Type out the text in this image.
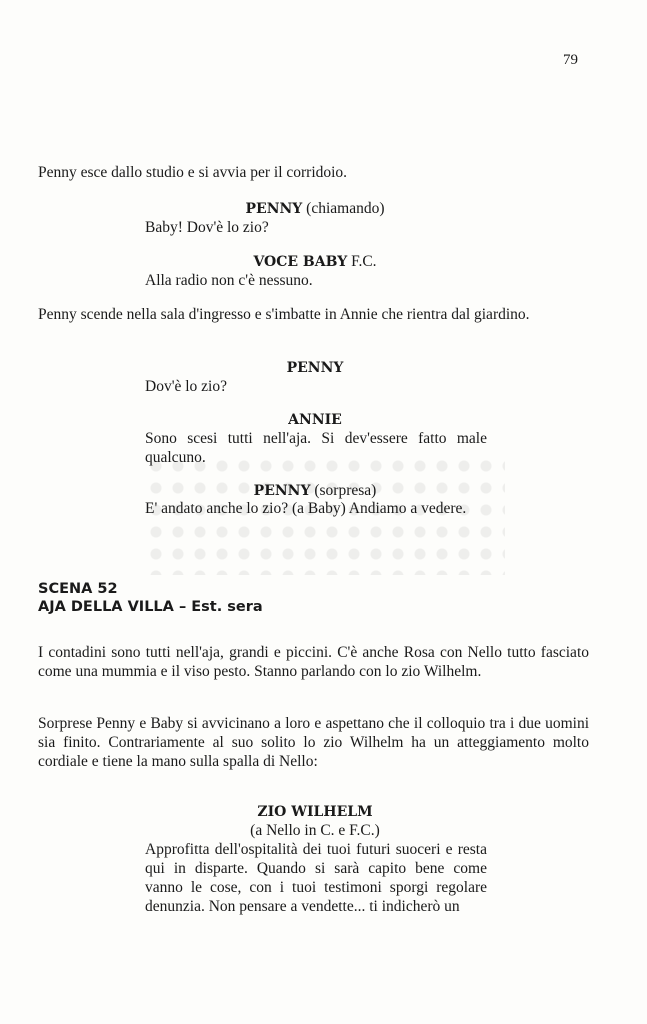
79
Penny esce dallo studio e si avvia per il corridoio.
PENNY (chiamando)
Baby! Dov'è lo zio?
VOCE BABY F.C.
Alla radio non c'è nessuno.
Penny scende nella sala d'ingresso e s'imbatte in Annie che rientra dal giardino.
PENNY
Dov'è lo zio?
ANNIE
Sono scesi tutti nell'aja. Si dev'essere fatto male qualcuno.
PENNY (sorpresa)
E' andato anche lo zio? (a Baby) Andiamo a vedere.
SCENA 52
AJA DELLA VILLA – Est. sera
I contadini sono tutti nell'aja, grandi e piccini. C'è anche Rosa con Nello tutto fasciato come una mummia e il viso pesto. Stanno parlando con lo zio Wilhelm.
Sorprese Penny e Baby si avvicinano a loro e aspettano che il colloquio tra i due uomini sia finito. Contrariamente al suo solito lo zio Wilhelm ha un atteggiamento molto cordiale e tiene la mano sulla spalla di Nello:
ZIO WILHELM
(a Nello in C. e F.C.)
Approfitta dell'ospitalità dei tuoi futuri suoceri e resta qui in disparte. Quando si sarà capito bene come vanno le cose, con i tuoi testimoni sporgi regolare denunzia. Non pensare a vendette... ti indicherò un
